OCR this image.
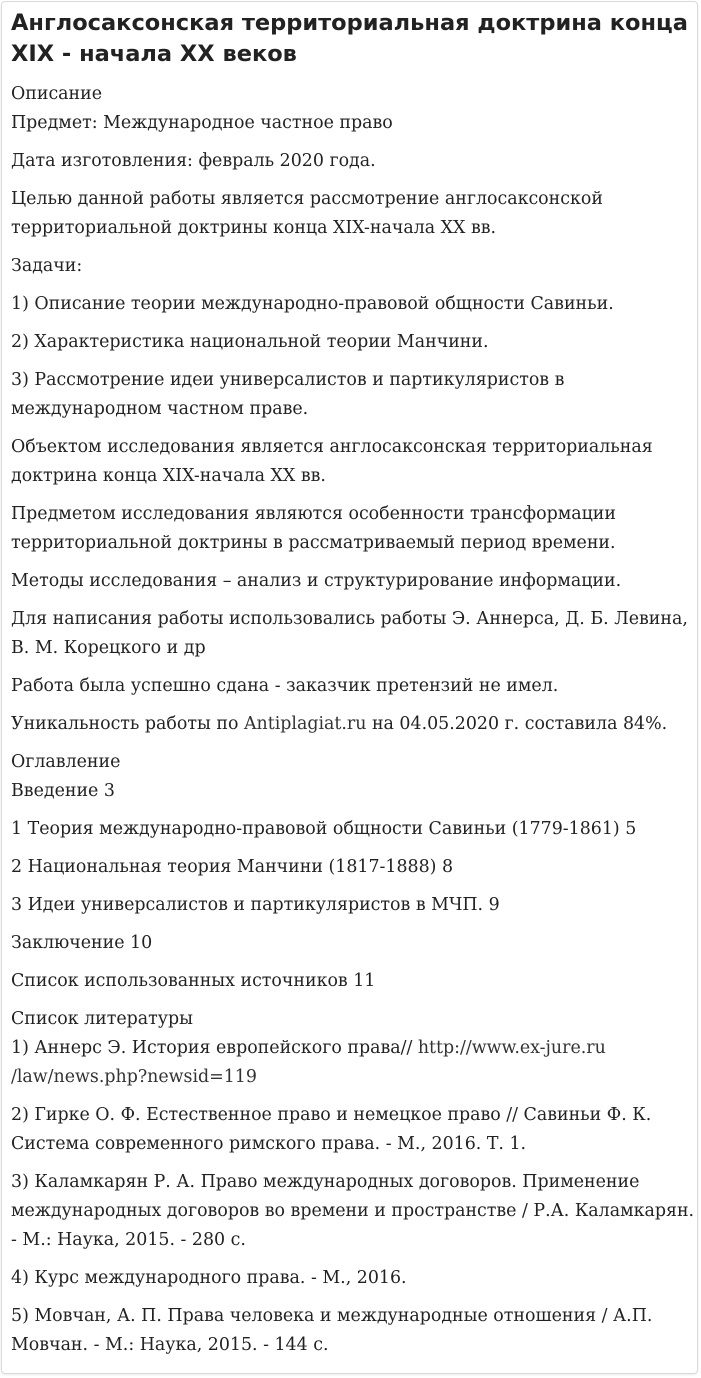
Англосаксонская территориальная доктрина конца XIX - начала XX веков
Описание

Предмет: Международное частное право

Дата изготовления: февраль 2020 года.

Целью данной работы является рассмотрение англосаксонской территориальной доктрины конца XIX-начала XX вв.

Задачи:

1) Описание теории международно-правовой общности Савиньи.

2) Характеристика национальной теории Манчини.

3) Рассмотрение идеи универсалистов и партикуляристов в международном частном праве.

Объектом исследования является англосаксонская территориальная доктрина конца XIX-начала XX вв.

Предметом исследования являются особенности трансформации территориальной доктрины в рассматриваемый период времени.

Методы исследования – анализ и структурирование информации.

Для написания работы использовались работы Э. Аннерса, Д. Б. Левина, В. М. Корецкого и др

Работа была успешно сдана - заказчик претензий не имел.

Уникальность работы по Antiplagiat.ru на 04.05.2020 г. составила 84%.

Оглавление

Введение 3

1 Теория международно-правовой общности Савиньи (1779-1861) 5

2 Национальная теория Манчини (1817-1888) 8

3 Идеи универсалистов и партикуляристов в МЧП. 9

Заключение 10

Список использованных источников 11

Список литературы

1) Аннерс Э. История европейского права// http://www.ex-jure.ru /law/news.php?newsid=119

2) Гирке О. Ф. Естественное право и немецкое право // Савиньи Ф. К. Система современного римского права. - М., 2016. Т. 1.

3) Каламкарян Р. А. Право международных договоров. Применение международных договоров во времени и пространстве / Р.А. Каламкарян. - М.: Наука, 2015. - 280 с.

4) Курс международного права. - М., 2016.

5) Мовчан, А. П. Права человека и международные отношения / А.П. Мовчан. - М.: Наука, 2015. - 144 с.
